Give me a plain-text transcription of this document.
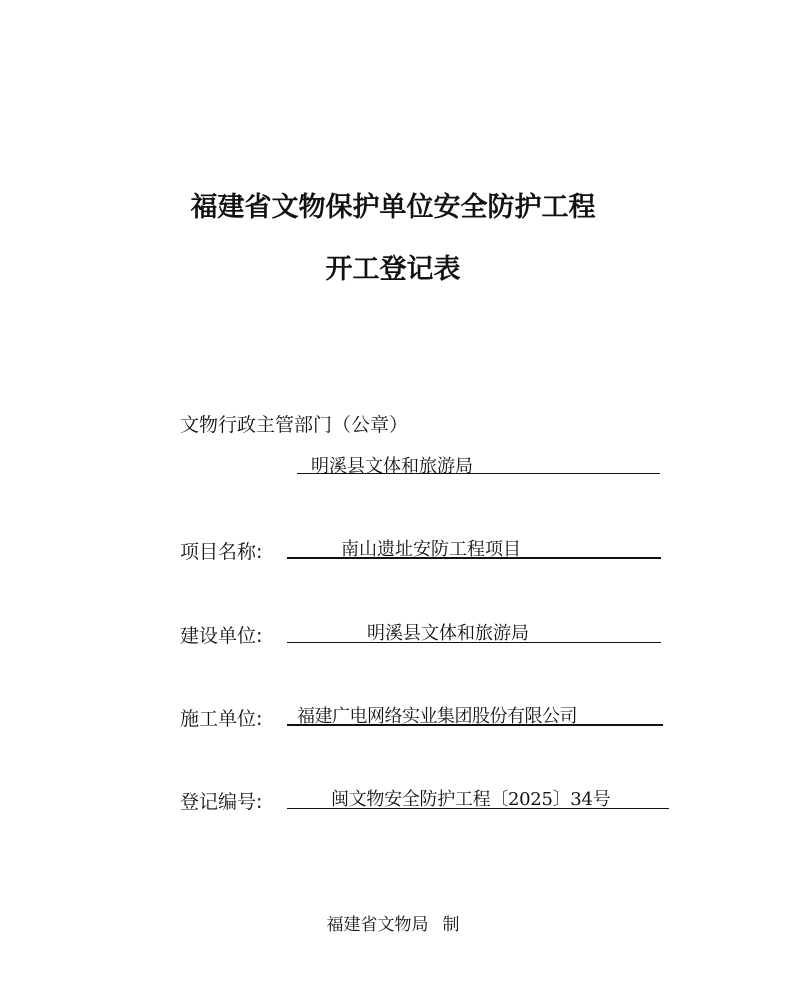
福建省文物保护单位安全防护工程
开工登记表
文物行政主管部门（公章）
明溪县文体和旅游局
项目名称:	南山遗址安防工程项目
建设单位:	明溪县文体和旅游局
施工单位:	福建广电网络实业集团股份有限公司
登记编号:	闽文物安全防护工程〔2025〕34号
福建省文物局 制
